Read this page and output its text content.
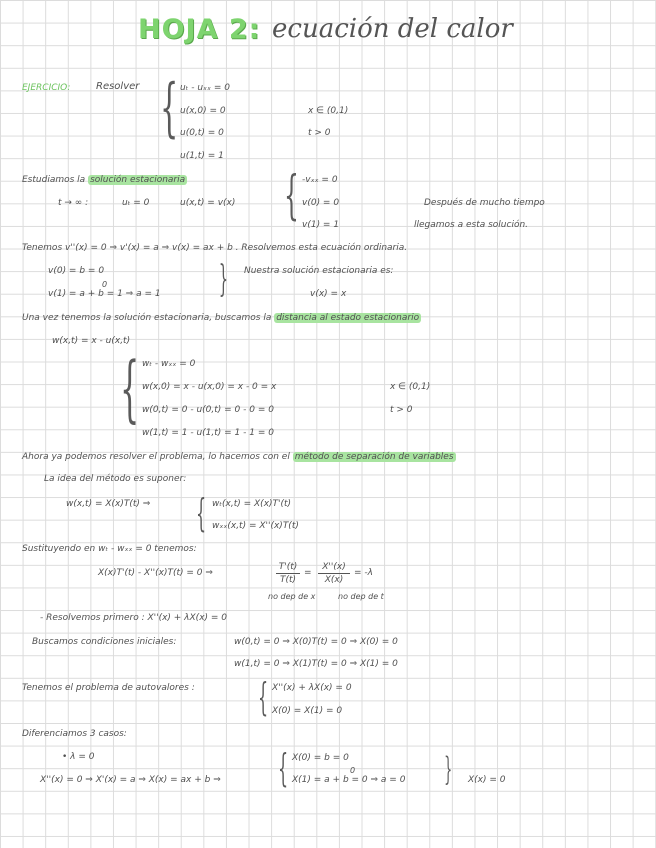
HOJA 2: ecuación del calor
EJERCICIO:	Resolver { uₜ - uₓₓ = 0
u(x,0) = 0
u(0,t) = 0
u(1,t) = 1
x ∈ (0,1)
t > 0
Estudiamos la solución estacionaria
t → ∞ :	uₜ = 0	u(x,t) = v(x) { -vₓₓ = 0
v(0) = 0
v(1) = 1
Después de mucho tiempo
llegamos a esta solución.
Tenemos v''(x) = 0 ⇒ v'(x) = a ⇒ v(x) = ax + b . Resolvemos esta ecuación ordinaria.
v(0) = b = 0
v(1) = a + b = 1 ⇒ a = 1
0	{ Nuestra solución estacionaria es:
v(x) = x
Una vez tenemos la solución estacionaria, buscamos la distancia al estado estacionario
w(x,t) = x - u(x,t)
{ wₜ - wₓₓ = 0
w(x,0) = x - u(x,0) = x - 0 = x
w(0,t) = 0 - u(0,t) = 0 - 0 = 0
w(1,t) = 1 - u(1,t) = 1 - 1 = 0
x ∈ (0,1)
t > 0
Ahora ya podemos resolver el problema, lo hacemos con el método de separación de variables
La idea del método es suponer:
w(x,t) = X(x)T(t) ⇒ { wₜ(x,t) = X(x)T'(t)
wₓₓ(x,t) = X''(x)T(t)
Sustituyendo en wₜ - wₓₓ = 0 tenemos:
X(x)T'(t) - X''(x)T(t) = 0 ⇒
T'(t)
T(t)
=
X''(x)
X(x)
= -λ
no dep de x	no dep de t
- Resolvemos primero : X''(x) + λX(x) = 0
Buscamos condiciones iniciales:	w(0,t) = 0 ⇒ X(0)T(t) = 0 ⇒ X(0) = 0
w(1,t) = 0 ⇒ X(1)T(t) = 0 ⇒ X(1) = 0
Tenemos el problema de autovalores : { X''(x) + λX(x) = 0
X(0) = X(1) = 0
Diferenciamos 3 casos:
• λ = 0
X''(x) = 0 ⇒ X'(x) = a ⇒ X(x) = ax + b ⇒ { X(0) = b = 0
X(1) = a + b = 0 ⇒ a = 0
0	{ X(x) = 0
